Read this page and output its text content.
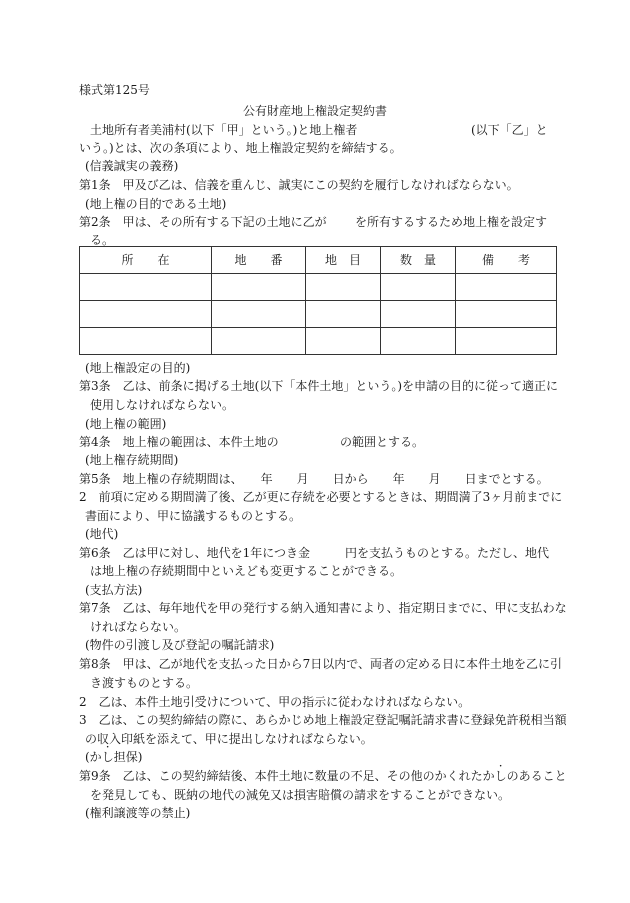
様式第125号
公有財産地上権設定契約書
土地所有者美浦村(以下「甲」という。)と地上権者	(以下「乙」と
いう。)とは、次の条項により、地上権設定契約を締結する。
(信義誠実の義務)
第1条　甲及び乙は、信義を重んじ、誠実にこの契約を履行しなければならない。
(地上権の目的である土地)
第2条　甲は、その所有する下記の土地に乙が を所有するするため地上権を設定す
る。
所　　在	地　　番	地　目	数　量	備　　考

(地上権設定の目的)
第3条　乙は、前条に掲げる土地(以下「本件土地」という。)を申請の目的に従って適正に
使用しなければならない。
(地上権の範囲)
第4条　地上権の範囲は、本件土地の	の範囲とする。
(地上権存続期間)
第5条　地上権の存続期間は、　　年　　月　　日から　　年　　月　　日までとする。
2　前項に定める期間満了後、乙が更に存続を必要とするときは、期間満了3ヶ月前までに
書面により、甲に協議するものとする。
(地代)
第6条　乙は甲に対し、地代を1年につき金	円を支払うものとする。ただし、地代
は地上権の存続期間中といえども変更することができる。
(支払方法)
第7条　乙は、毎年地代を甲の発行する納入通知書により、指定期日までに、甲に支払わな
ければならない。
(物件の引渡し及び登記の嘱託請求)
第8条　甲は、乙が地代を支払った日から7日以内で、両者の定める日に本件土地を乙に引
き渡すものとする。
2　乙は、本件土地引受けについて、甲の指示に従わなければならない。
3　乙は、この契約締結の際に、あらかじめ地上権設定登記嘱託請求書に登録免許税相当額
の収入印紙を添えて、甲に提出しなければならない。
(かし担保)
第9条　乙は、この契約締結後、本件土地に数量の不足、その他のかくれたかしのあること
を発見しても、既納の地代の減免又は損害賠償の請求をすることができない。
(権利譲渡等の禁止)
